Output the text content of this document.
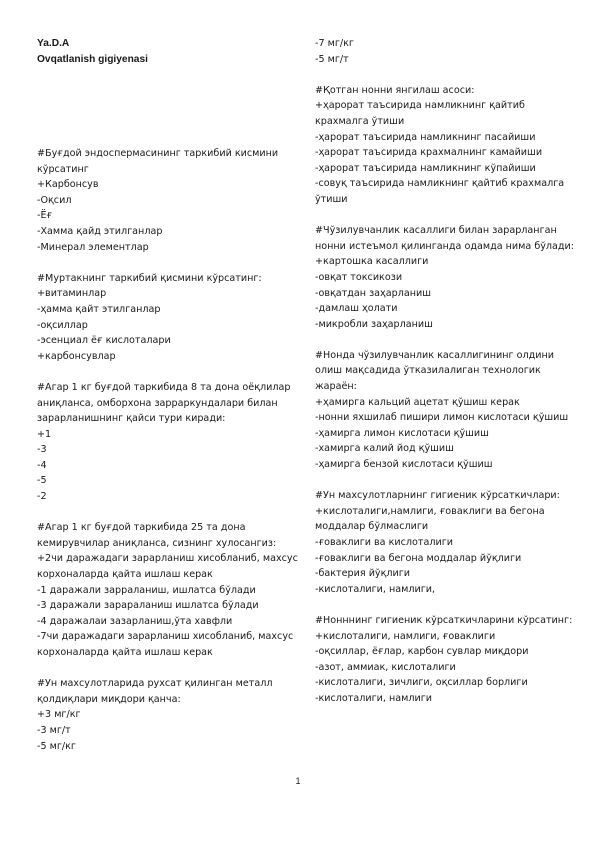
Ya.D.A
Ovqatlanish gigiyenasi
#Буғдой эндоспермасининг таркибий кисмини кўрсатинг
+Карбонсув
-Оқсил
-Ёғ
-Хамма қайд этилганлар
-Минерал элементлар
#Муртакнинг таркибий қисмини кўрсатинг:
+витаминлар
-ҳамма қайт этилганлар
-оқсиллар
-эсенциал ёғ кислоталари
+карбонсувлар
#Агар 1 кг буғдой таркибида 8 та дона оёқлилар аниқланса, омборхона зарраркундалари билан зарарланишнинг қайси тури киради:
+1
-3
-4
-5
-2
#Агар 1 кг буғдой таркибида 25 та дона кемирувчилар аниқланса, сизнинг хулосангиз:
+2чи даражадаги зарарланиш хисобланиб, махсус корхоналарда қайта ишлаш керак
-1 даражали зарраланиш, ишлатса бўлади
-3 даражали зарараланиш ишлатса бўлади
-4 даражалаи зазарланиш,ўта хавфли
-7чи даражадаги зарарланиш хисобланиб, махсус корхоналарда қайта ишлаш керак
#Ун махсулотларида рухсат қилинган металл қолдиқлари миқдори қанча:
+3 мг/кг
-3 мг/т
-5 мг/кг
-7 мг/кг
-5 мг/т
#Қотган нонни янгилаш асоси:
+ҳарорат таъсирида намликнинг қайтиб крахмалга ўтиши
-ҳарорат таъсирида намликнинг пасайиши
-ҳарорат таъсирида крахмалнинг камайиши
-ҳарорат таъсирида намликнинг кўпайиши
-совуқ таъсирида намликнинг қайтиб крахмалга ўтиши
#Чўзилувчанлик касаллиги билан зарарланган нонни истеъмол қилинганда одамда нима бўлади:
+картошка касаллиги
-овқат токсикози
-овқатдан заҳарланиш
-дамлаш ҳолати
-микробли заҳарланиш
#Нонда чўзилувчанлик касаллигининг олдини олиш мақсадида ўтказилалиган технологик жараён:
+ҳамирга кальций ацетат қўшиш керак
-нонни яхшилаб пишири лимон кислотаси қўшиш
-ҳамирга лимон кислотаси қўшиш
-хамирга калий йод қўшиш
-ҳамирга бензой кислотаси қўшиш
#Ун махсулотларнинг гигиеник кўрсаткичлари:
+кислоталиги,намлиги, ғоваклиги ва бегона моддалар бўлмаслиги
-ғоваклиги ва кислоталиги
-ғоваклиги ва бегона моддалар йўқлиги
-бактерия йўқлиги
-кислоталиги, намлиги,
#Нонннинг гигиеник кўрсаткичларини кўрсатинг:
+кислоталиги, намлиги, ғоваклиги
-оқсиллар, ёғлар, карбон сувлар миқдори
-азот, аммиак, кислоталиги
-кислоталиги, зичлиги, оқсиллар борлиги
-кислоталиги, намлиги
1
